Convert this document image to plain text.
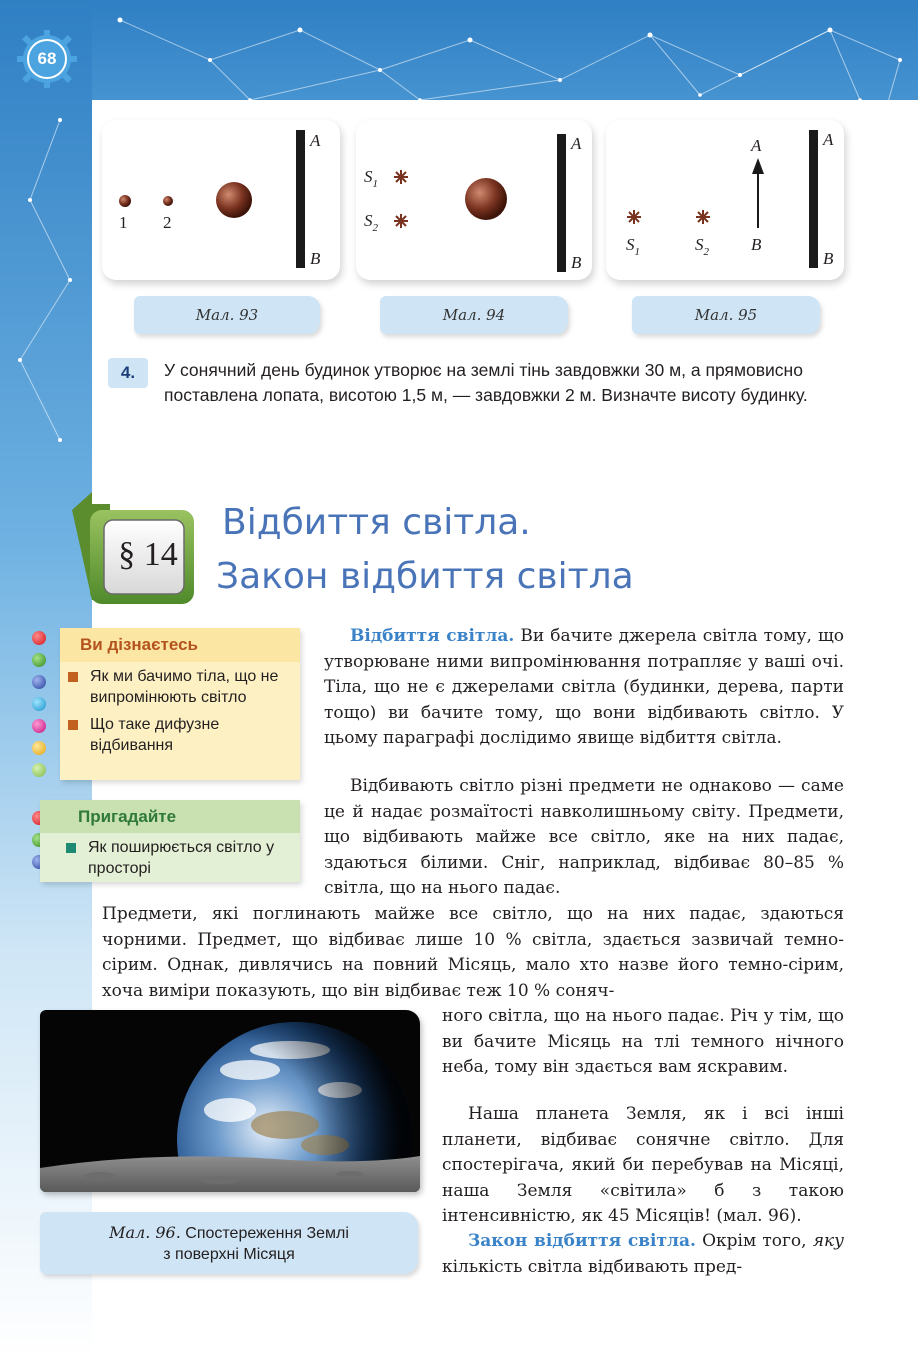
68
1 2
A
B
Мал. 93
$S_1$
$S_2$
A
B
Мал. 94
$S_1$	$S_2$
A
B
A
B
Мал. 95
4.	У сонячний день будинок утворює на землі тінь завдовжки 30 м, а прямовисно поставлена лопата, висотою 1,5 м, — завдовжки 2 м. Визначте висоту будинку.
§ 14
Відбиття світла.
Закон відбиття світла
Ви дізнаєтесь
Як ми бачимо тіла, що не випромінюють світло
Що таке дифузне відбивання
Пригадайте
Як поширюється світло у просторі
Відбиття світла. Ви бачите джерела світла тому, що утворюване ними випромінювання потрапляє у ваші очі. Тіла, що не є джерелами світла (будинки, дерева, парти тощо) ви бачите тому, що вони відбивають світло. У цьому параграфі дослідимо явище відбиття світла.
Відбивають світло різні предмети не однаково — саме це й надає розмаїтості навколишньому світу. Предмети, що відбивають майже все світло, яке на них падає, здаються білими. Сніг, наприклад, відбиває 80–85 % світла, що на нього падає.
Предмети, які поглинають майже все світло, що на них падає, здаються чорними. Предмет, що відбиває лише 10 % світла, здається зазвичай темно-сірим. Однак, дивлячись на повний Місяць, мало хто назве його темно-сірим, хоча виміри показують, що він відбиває теж 10 % соняч-
ного світла, що на нього падає. Річ у тім, що ви бачите Місяць на тлі темного нічного неба, тому він здається вам яскравим.
Наша планета Земля, як і всі інші планети, відбиває сонячне світло. Для спостерігача, який би перебував на Місяці, наша Земля «світила» б з такою інтенсивністю, як 45 Місяців! (мал. 96).
Закон відбиття світла. Окрім того, яку кількість світла відбивають пред-
Мал. 96. Спостереження Землі
з поверхні Місяця
